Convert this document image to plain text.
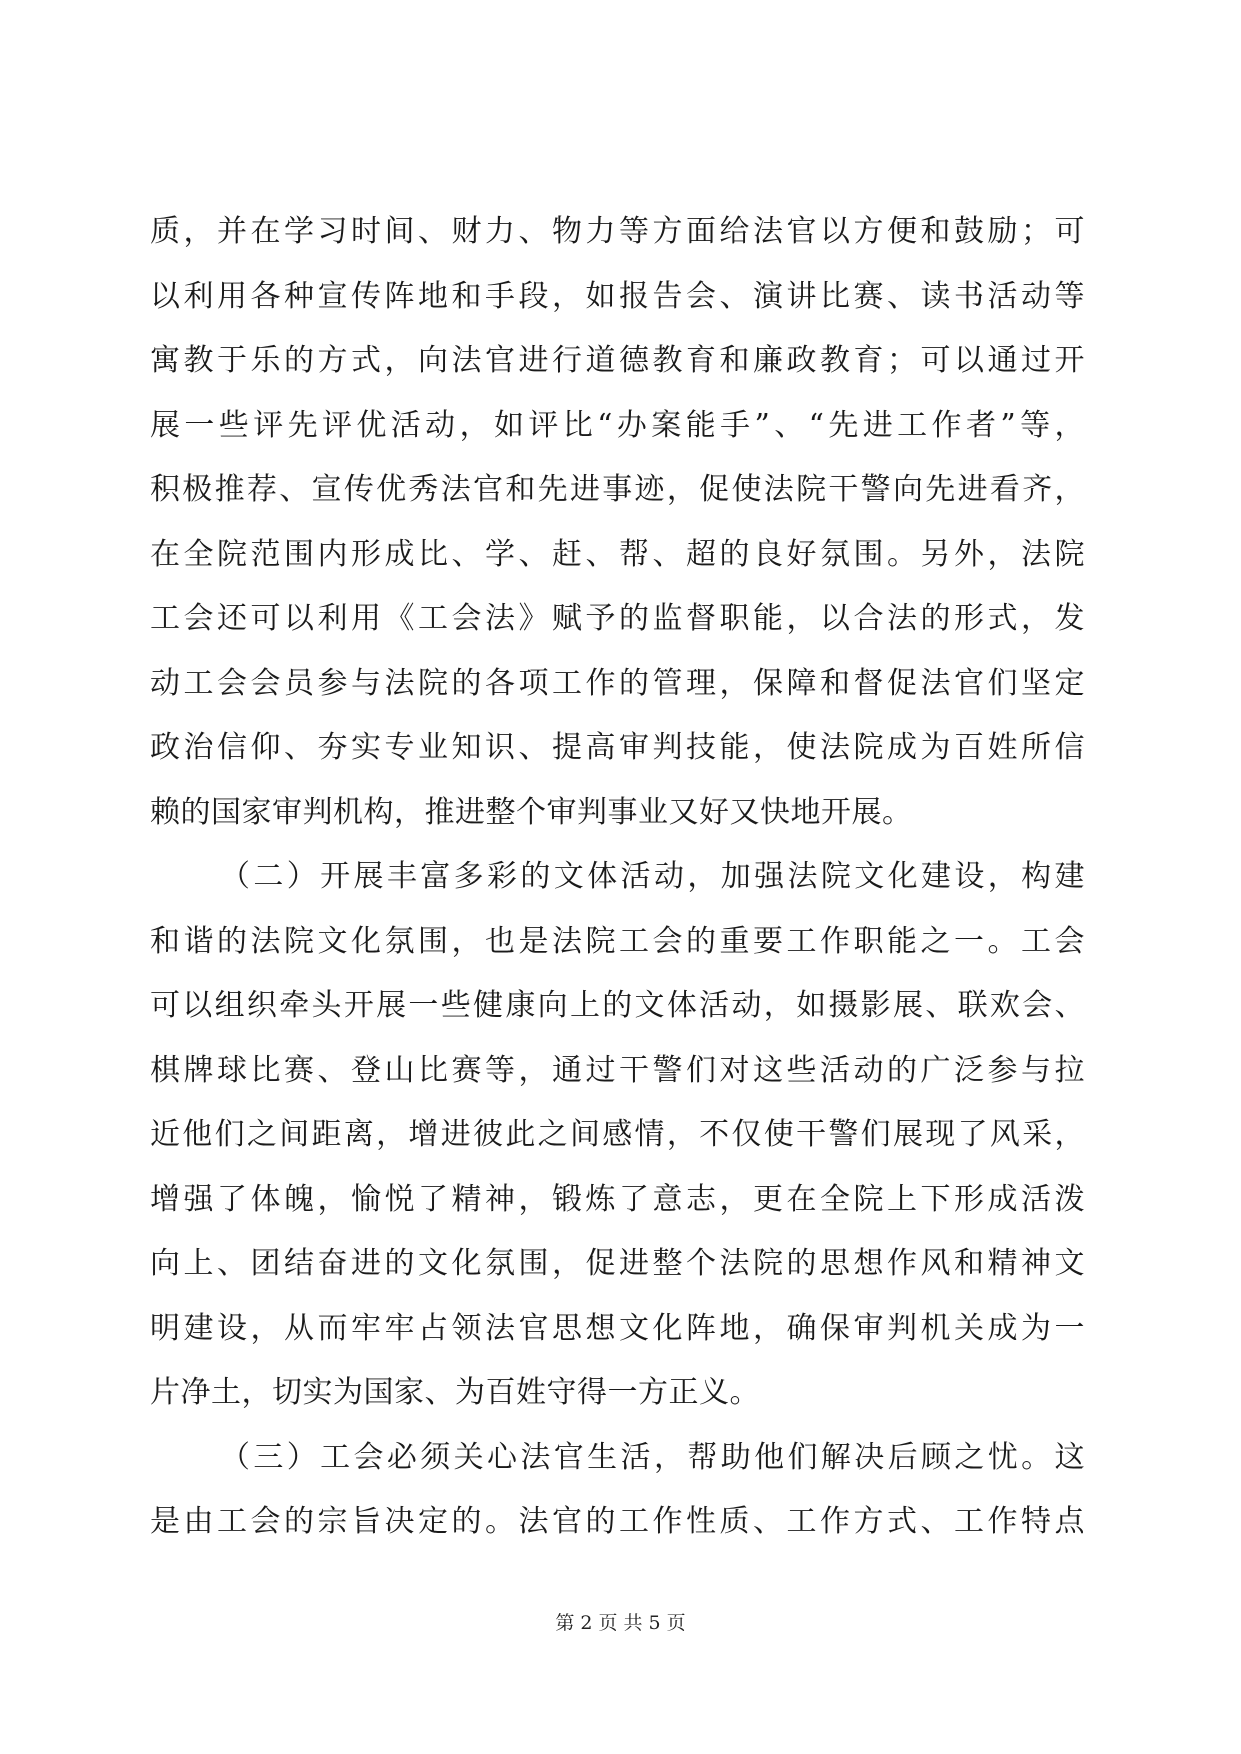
质，并在学习时间、财力、物力等方面给法官以方便和鼓励；可
以利用各种宣传阵地和手段，如报告会、演讲比赛、读书活动等
寓教于乐的方式，向法官进行道德教育和廉政教育；可以通过开
展一些评先评优活动，如评比“办案能手”、“先进工作者”等，
积极推荐、宣传优秀法官和先进事迹，促使法院干警向先进看齐，
在全院范围内形成比、学、赶、帮、超的良好氛围。另外，法院
工会还可以利用《工会法》赋予的监督职能，以合法的形式，发
动工会会员参与法院的各项工作的管理，保障和督促法官们坚定
政治信仰、夯实专业知识、提高审判技能，使法院成为百姓所信
赖的国家审判机构，推进整个审判事业又好又快地开展。
（二）开展丰富多彩的文体活动，加强法院文化建设，构建
和谐的法院文化氛围，也是法院工会的重要工作职能之一。工会
可以组织牵头开展一些健康向上的文体活动，如摄影展、联欢会、
棋牌球比赛、登山比赛等，通过干警们对这些活动的广泛参与拉
近他们之间距离，增进彼此之间感情，不仅使干警们展现了风采，
增强了体魄，愉悦了精神，锻炼了意志，更在全院上下形成活泼
向上、团结奋进的文化氛围，促进整个法院的思想作风和精神文
明建设，从而牢牢占领法官思想文化阵地，确保审判机关成为一
片净土，切实为国家、为百姓守得一方正义。
（三）工会必须关心法官生活，帮助他们解决后顾之忧。这
是由工会的宗旨决定的。法官的工作性质、工作方式、工作特点
第 2 页 共 5 页
